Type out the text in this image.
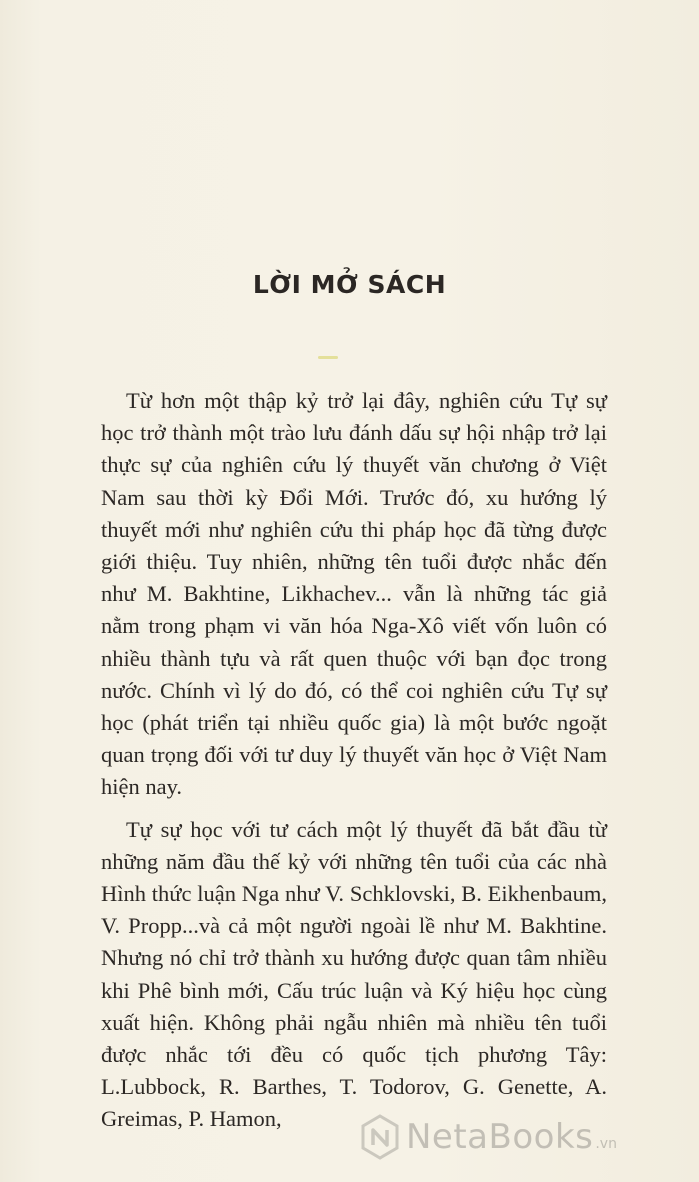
LỜI MỞ SÁCH

Từ hơn một thập kỷ trở lại đây, nghiên cứu Tự sự học trở thành một trào lưu đánh dấu sự hội nhập trở lại thực sự của nghiên cứu lý thuyết văn chương ở Việt Nam sau thời kỳ Đổi Mới. Trước đó, xu hướng lý thuyết mới như nghiên cứu thi pháp học đã từng được giới thiệu. Tuy nhiên, những tên tuổi được nhắc đến như M. Bakhtine, Likhachev... vẫn là những tác giả nằm trong phạm vi văn hóa Nga-Xô viết vốn luôn có nhiều thành tựu và rất quen thuộc với bạn đọc trong nước. Chính vì lý do đó, có thể coi nghiên cứu Tự sự học (phát triển tại nhiều quốc gia) là một bước ngoặt quan trọng đối với tư duy lý thuyết văn học ở Việt Nam hiện nay.

Tự sự học với tư cách một lý thuyết đã bắt đầu từ những năm đầu thế kỷ với những tên tuổi của các nhà Hình thức luận Nga như V. Schklovski, B. Eikhenbaum, V. Propp...và cả một người ngoài lề như M. Bakhtine. Nhưng nó chỉ trở thành xu hướng được quan tâm nhiều khi Phê bình mới, Cấu trúc luận và Ký hiệu học cùng xuất hiện. Không phải ngẫu nhiên mà nhiều tên tuổi được nhắc tới đều có quốc tịch phương Tây: L.Lubbock, R. Barthes, T. Todorov, G. Genette, A. Greimas, P. Hamon,	NetaBooks .vn
